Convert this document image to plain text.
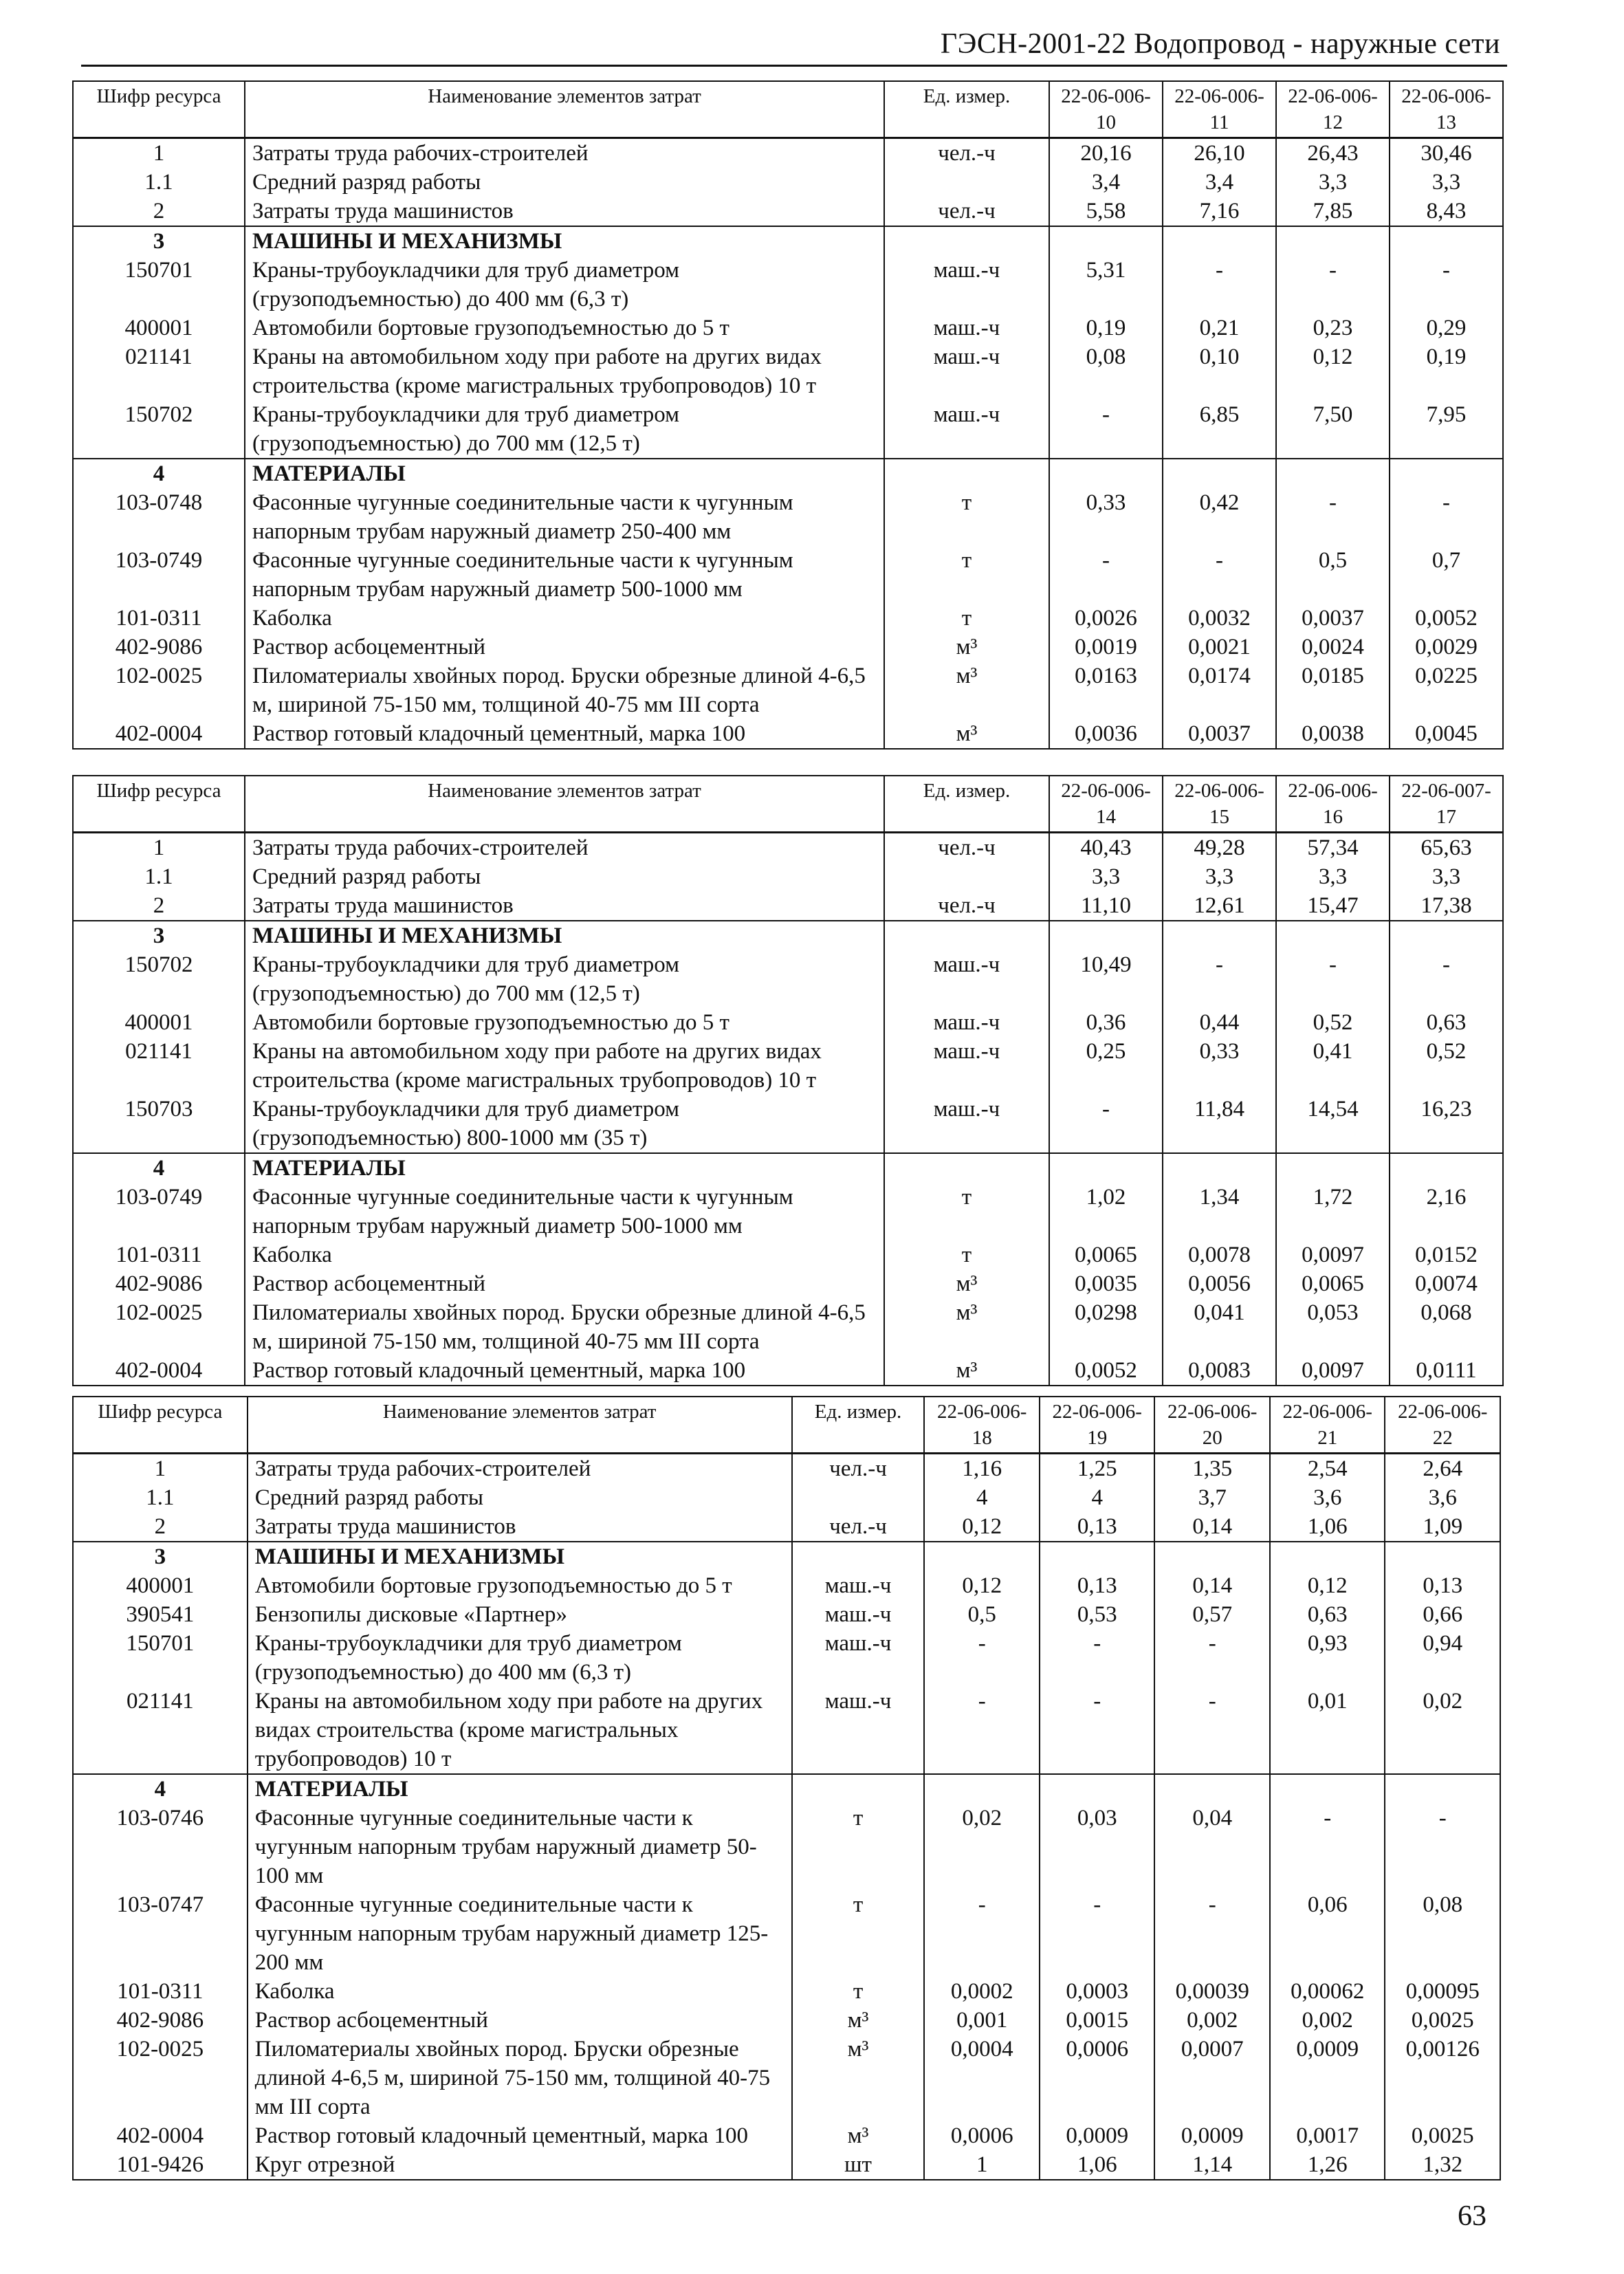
ГЭСН-2001-22 Водопровод - наружные сети
Шифр ресурса	Наименование элементов затрат	Ед. измер.	22-06-006-10	22-06-006-11	22-06-006-12	22-06-006-13
1	Затраты труда рабочих-строителей	чел.-ч	20,16	26,10	26,43	30,46
1.1	Средний разряд работы		3,4	3,4	3,3	3,3
2	Затраты труда машинистов	чел.-ч	5,58	7,16	7,85	8,43
3	МАШИНЫ И МЕХАНИЗМЫ					
150701	Краны-трубоукладчики для труб диаметром (грузоподъемностью) до 400 мм (6,3 т)	маш.-ч	5,31	-	-	-
400001	Автомобили бортовые грузоподъемностью до 5 т	маш.-ч	0,19	0,21	0,23	0,29
021141	Краны на автомобильном ходу при работе на других видах строительства (кроме магистральных трубопроводов) 10 т	маш.-ч	0,08	0,10	0,12	0,19
150702	Краны-трубоукладчики для труб диаметром (грузоподъемностью) до 700 мм (12,5 т)	маш.-ч	-	6,85	7,50	7,95
4	МАТЕРИАЛЫ					
103-0748	Фасонные чугунные соединительные части к чугунным напорным трубам наружный диаметр 250-400 мм	т	0,33	0,42	-	-
103-0749	Фасонные чугунные соединительные части к чугунным напорным трубам наружный диаметр 500-1000 мм	т	-	-	0,5	0,7
101-0311	Каболка	т	0,0026	0,0032	0,0037	0,0052
402-9086	Раствор асбоцементный	м³	0,0019	0,0021	0,0024	0,0029
102-0025	Пиломатериалы хвойных пород. Бруски обрезные длиной 4-6,5 м, шириной 75-150 мм, толщиной 40-75 мм III сорта	м³	0,0163	0,0174	0,0185	0,0225
402-0004	Раствор готовый кладочный цементный, марка 100	м³	0,0036	0,0037	0,0038	0,0045
Шифр ресурса	Наименование элементов затрат	Ед. измер.	22-06-006-14	22-06-006-15	22-06-006-16	22-06-007-17
1	Затраты труда рабочих-строителей	чел.-ч	40,43	49,28	57,34	65,63
1.1	Средний разряд работы		3,3	3,3	3,3	3,3
2	Затраты труда машинистов	чел.-ч	11,10	12,61	15,47	17,38
3	МАШИНЫ И МЕХАНИЗМЫ					
150702	Краны-трубоукладчики для труб диаметром (грузоподъемностью) до 700 мм (12,5 т)	маш.-ч	10,49	-	-	-
400001	Автомобили бортовые грузоподъемностью до 5 т	маш.-ч	0,36	0,44	0,52	0,63
021141	Краны на автомобильном ходу при работе на других видах строительства (кроме магистральных трубопроводов) 10 т	маш.-ч	0,25	0,33	0,41	0,52
150703	Краны-трубоукладчики для труб диаметром (грузоподъемностью) 800-1000 мм (35 т)	маш.-ч	-	11,84	14,54	16,23
4	МАТЕРИАЛЫ					
103-0749	Фасонные чугунные соединительные части к чугунным напорным трубам наружный диаметр 500-1000 мм	т	1,02	1,34	1,72	2,16
101-0311	Каболка	т	0,0065	0,0078	0,0097	0,0152
402-9086	Раствор асбоцементный	м³	0,0035	0,0056	0,0065	0,0074
102-0025	Пиломатериалы хвойных пород. Бруски обрезные длиной 4-6,5 м, шириной 75-150 мм, толщиной 40-75 мм III сорта	м³	0,0298	0,041	0,053	0,068
402-0004	Раствор готовый кладочный цементный, марка 100	м³	0,0052	0,0083	0,0097	0,0111
Шифр ресурса	Наименование элементов затрат	Ед. измер.	22-06-006-18	22-06-006-19	22-06-006-20	22-06-006-21	22-06-006-22
1	Затраты труда рабочих-строителей	чел.-ч	1,16	1,25	1,35	2,54	2,64
1.1	Средний разряд работы		4	4	3,7	3,6	3,6
2	Затраты труда машинистов	чел.-ч	0,12	0,13	0,14	1,06	1,09
3	МАШИНЫ И МЕХАНИЗМЫ						
400001	Автомобили бортовые грузоподъемностью до 5 т	маш.-ч	0,12	0,13	0,14	0,12	0,13
390541	Бензопилы дисковые «Партнер»	маш.-ч	0,5	0,53	0,57	0,63	0,66
150701	Краны-трубоукладчики для труб диаметром (грузоподъемностью) до 400 мм (6,3 т)	маш.-ч	-	-	-	0,93	0,94
021141	Краны на автомобильном ходу при работе на других видах строительства (кроме магистральных трубопроводов) 10 т	маш.-ч	-	-	-	0,01	0,02
4	МАТЕРИАЛЫ						
103-0746	Фасонные чугунные соединительные части к чугунным напорным трубам наружный диаметр 50-100 мм	т	0,02	0,03	0,04	-	-
103-0747	Фасонные чугунные соединительные части к чугунным напорным трубам наружный диаметр 125-200 мм	т	-	-	-	0,06	0,08
101-0311	Каболка	т	0,0002	0,0003	0,00039	0,00062	0,00095
402-9086	Раствор асбоцементный	м³	0,001	0,0015	0,002	0,002	0,0025
102-0025	Пиломатериалы хвойных пород. Бруски обрезные длиной 4-6,5 м, шириной 75-150 мм, толщиной 40-75 мм III сорта	м³	0,0004	0,0006	0,0007	0,0009	0,00126
402-0004	Раствор готовый кладочный цементный, марка 100	м³	0,0006	0,0009	0,0009	0,0017	0,0025
101-9426	Круг отрезной	шт	1	1,06	1,14	1,26	1,32
63
